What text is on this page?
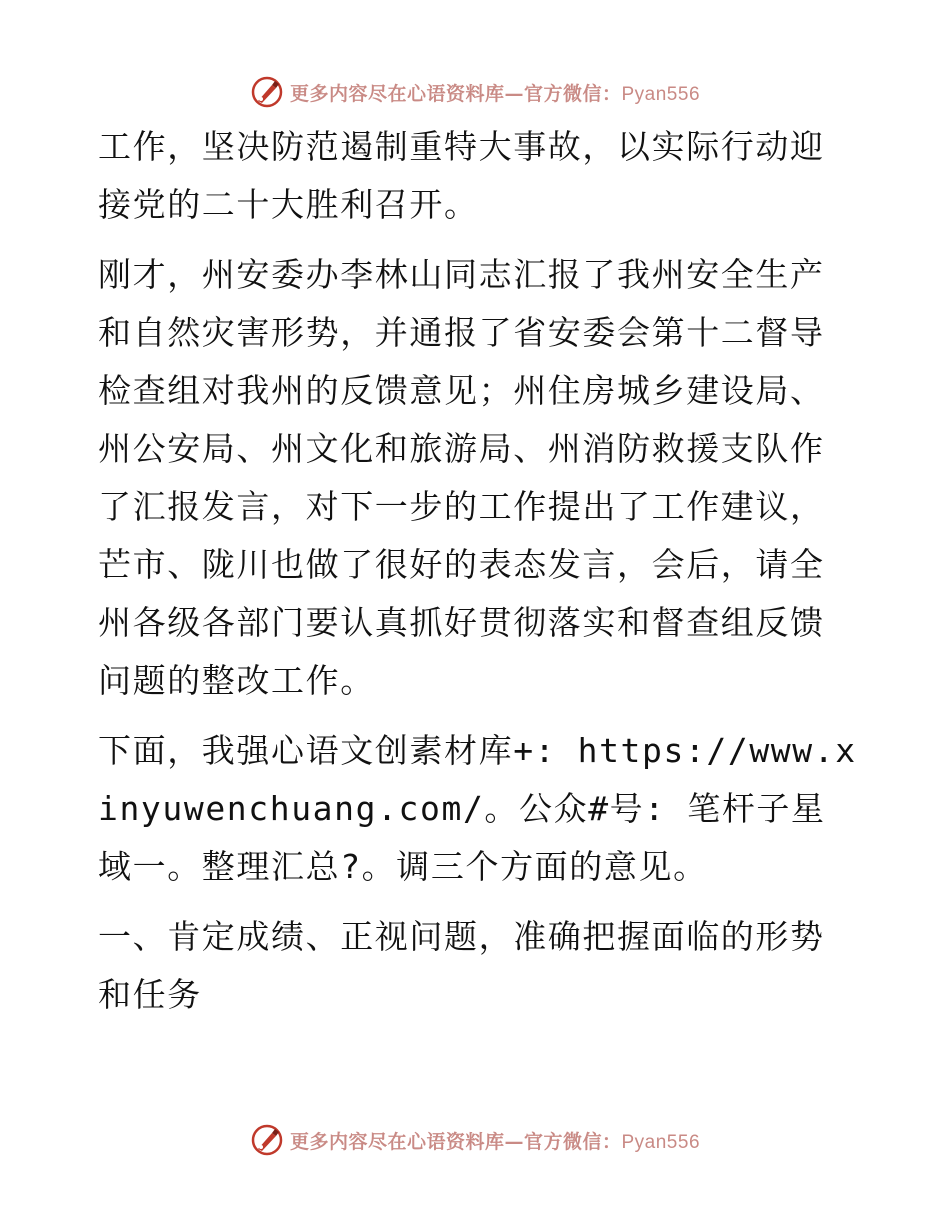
更多内容尽在心语资料库—官方微信：Pyan556

工作，坚决防范遏制重特大事故，以实际行动迎接党的二十大胜利召开。

刚才，州安委办李林山同志汇报了我州安全生产和自然灾害形势，并通报了省安委会第十二督导检查组对我州的反馈意见；州住房城乡建设局、州公安局、州文化和旅游局、州消防救援支队作了汇报发言，对下一步的工作提出了工作建议，芒市、陇川也做了很好的表态发言，会后，请全州各级各部门要认真抓好贯彻落实和督查组反馈问题的整改工作。

下面，我强心语文创素材库+: https://www.xinyuwenchuang.com/。公众#号: 笔杆子星域一。整理汇总?。调三个方面的意见。

一、肯定成绩、正视问题，准确把握面临的形势和任务

更多内容尽在心语资料库—官方微信：Pyan556
